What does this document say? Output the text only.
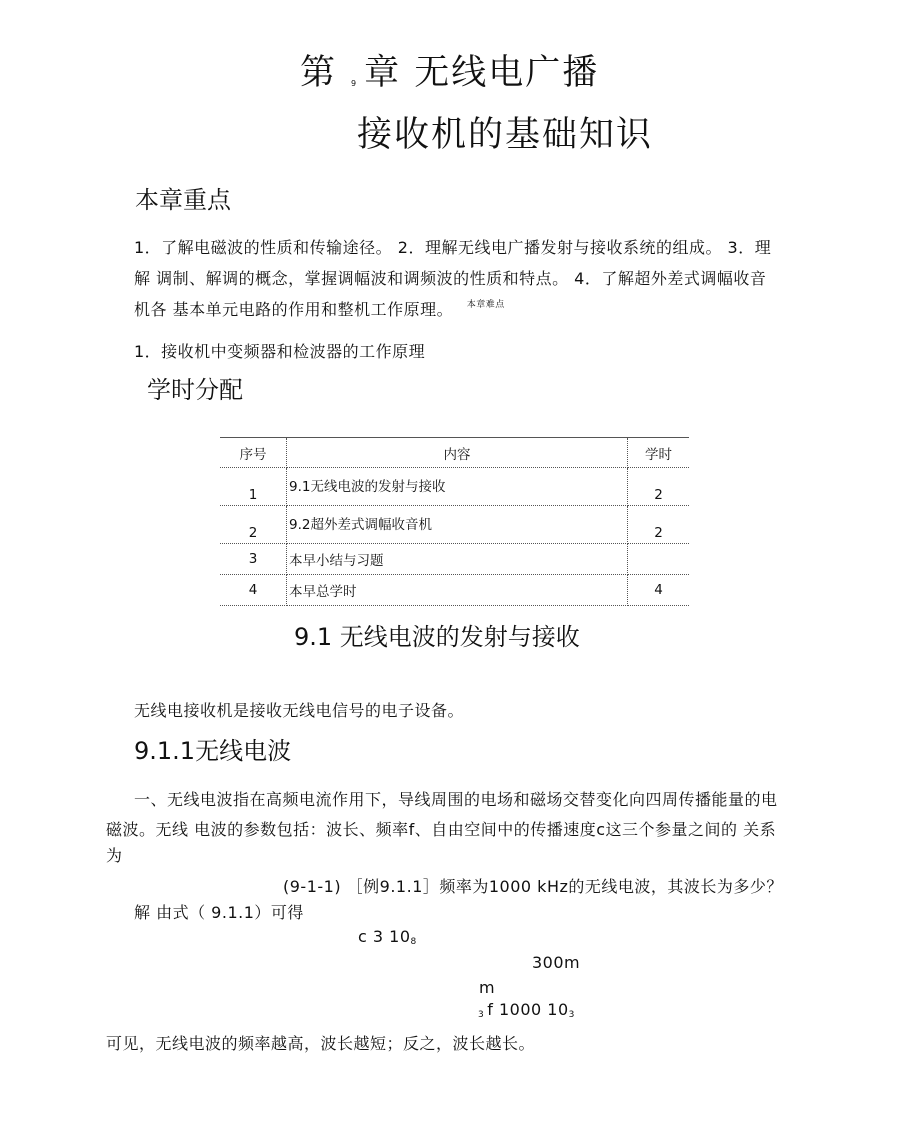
第 9 章 无线电广播
接收机的基础知识
本章重点
1．了解电磁波的性质和传输途径。 2．理解无线电广播发射与接收系统的组成。 3．理
解 调制、解调的概念，掌握调幅波和调频波的性质和特点。 4．了解超外差式调幅收音
机各 基本单元电路的作用和整机工作原理。 $^{本章难点}$
1．接收机中变频器和检波器的工作原理
学时分配
序号	内容	学时
1	9.1无线电波的发射与接收	2
2	9.2超外差式调幅收音机	2
3	本早小结与习题	
4	本早总学时	4
9.1 无线电波的发射与接收
无线电接收机是接收无线电信号的电子设备。
9.1.1无线电波
一、无线电波指在高频电流作用下，导线周围的电场和磁场交替变化向四周传播能量的电
磁波。无线 电波的参数包括：波长、频率f、自由空间中的传播速度c这三个参量之间的 关系
为
(9-1-1) ［例9.1.1］频率为1000 kHz的无线电波，其波长为多少？
解 由式（ 9.1.1）可得
c 3 $10_8$
300m
m
$_3$ f 1000 $10_3$
可见，无线电波的频率越高，波长越短；反之，波长越长。
